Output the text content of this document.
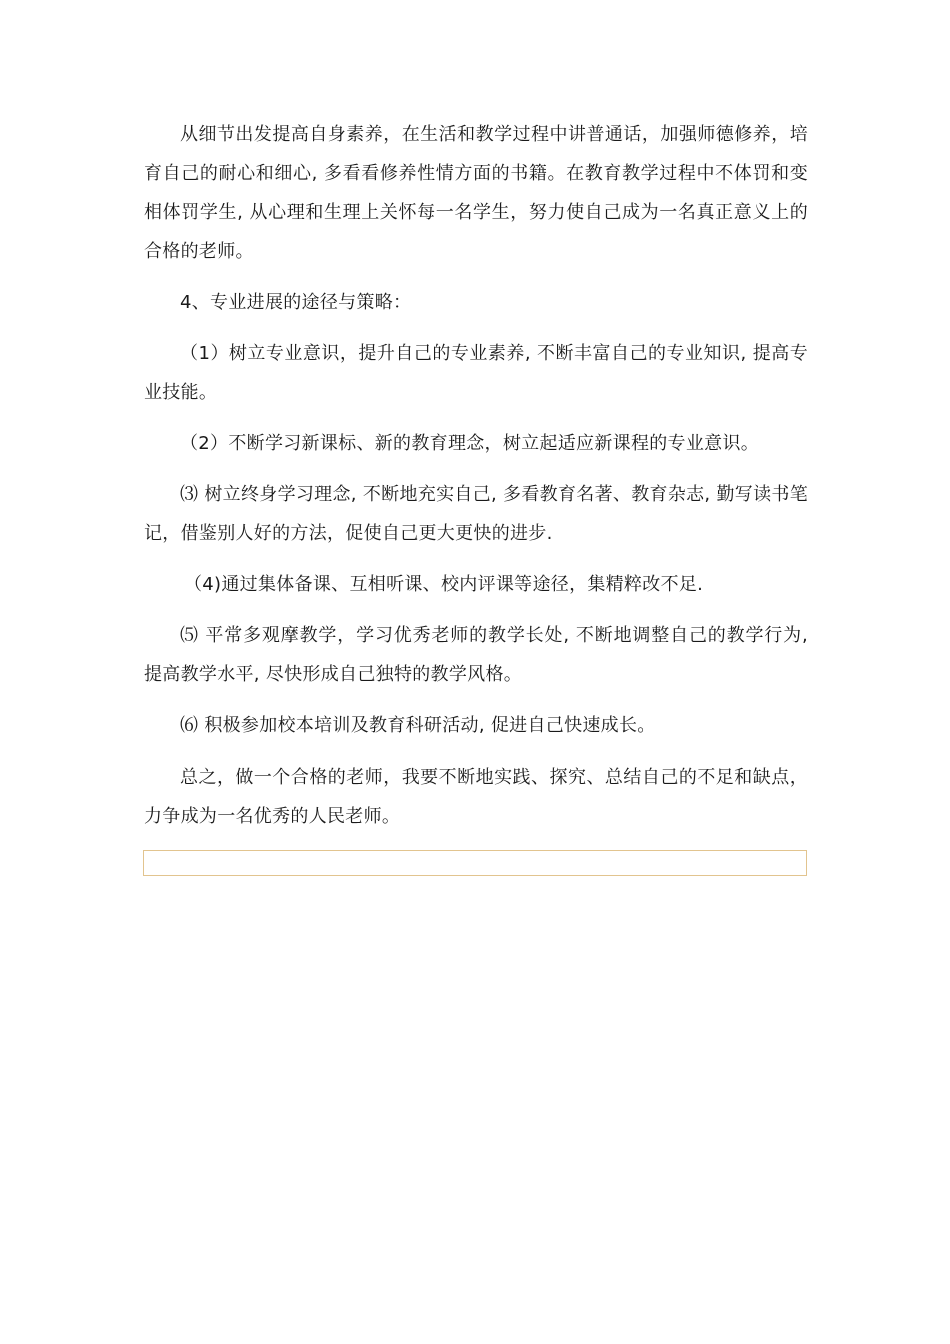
从细节出发提高自身素养，在生活和教学过程中讲普通话，加强师德修养，培育自己的耐心和细心, 多看看修养性情方面的书籍。在教育教学过程中不体罚和变相体罚学生, 从心理和生理上关怀每一名学生，努力使自己成为一名真正意义上的合格的老师。

4、专业进展的途径与策略：

（1）树立专业意识，提升自己的专业素养, 不断丰富自己的专业知识, 提高专业技能。

（2）不断学习新课标、新的教育理念，树立起适应新课程的专业意识。

⑶ 树立终身学习理念, 不断地充实自己, 多看教育名著、教育杂志, 勤写读书笔记，借鉴别人好的方法，促使自己更大更快的进步.

（4)通过集体备课、互相听课、校内评课等途径，集精粹改不足.

⑸ 平常多观摩教学，学习优秀老师的教学长处, 不断地调整自己的教学行为, 提高教学水平, 尽快形成自己独特的教学风格。

⑹ 积极参加校本培训及教育科研活动, 促进自己快速成长。

总之，做一个合格的老师，我要不断地实践、探究、总结自己的不足和缺点，力争成为一名优秀的人民老师。
